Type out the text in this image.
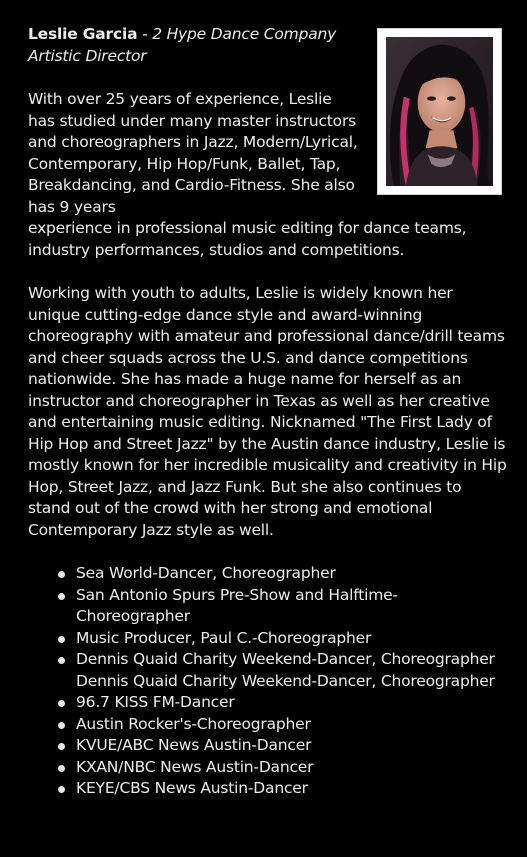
Leslie Garcia - 2 Hype Dance Company
Artistic Director

With over 25 years of experience, Leslie has studied under many master instructors and choreographers in Jazz, Modern/Lyrical, Contemporary, Hip Hop/Funk, Ballet, Tap, Breakdancing, and Cardio-Fitness. She also has 9 years
experience in professional music editing for dance teams, industry performances, studios and competitions.

Working with youth to adults, Leslie is widely known her unique cutting-edge dance style and award-winning choreography with amateur and professional dance/drill teams and cheer squads across the U.S. and dance competitions nationwide. She has made a huge name for herself as an instructor and choreographer in Texas as well as her creative and entertaining music editing. Nicknamed "The First Lady of Hip Hop and Street Jazz" by the Austin dance industry, Leslie is mostly known for her incredible musicality and creativity in Hip Hop, Street Jazz, and Jazz Funk. But she also continues to stand out of the crowd with her strong and emotional Contemporary Jazz style as well.

Sea World-Dancer, Choreographer
San Antonio Spurs Pre-Show and Halftime-Choreographer
Music Producer, Paul C.-Choreographer
Dennis Quaid Charity Weekend-Dancer, Choreographer Dennis Quaid Charity Weekend-Dancer, Choreographer
96.7 KISS FM-Dancer
Austin Rocker's-Choreographer
KVUE/ABC News Austin-Dancer
KXAN/NBC News Austin-Dancer
KEYE/CBS News Austin-Dancer
